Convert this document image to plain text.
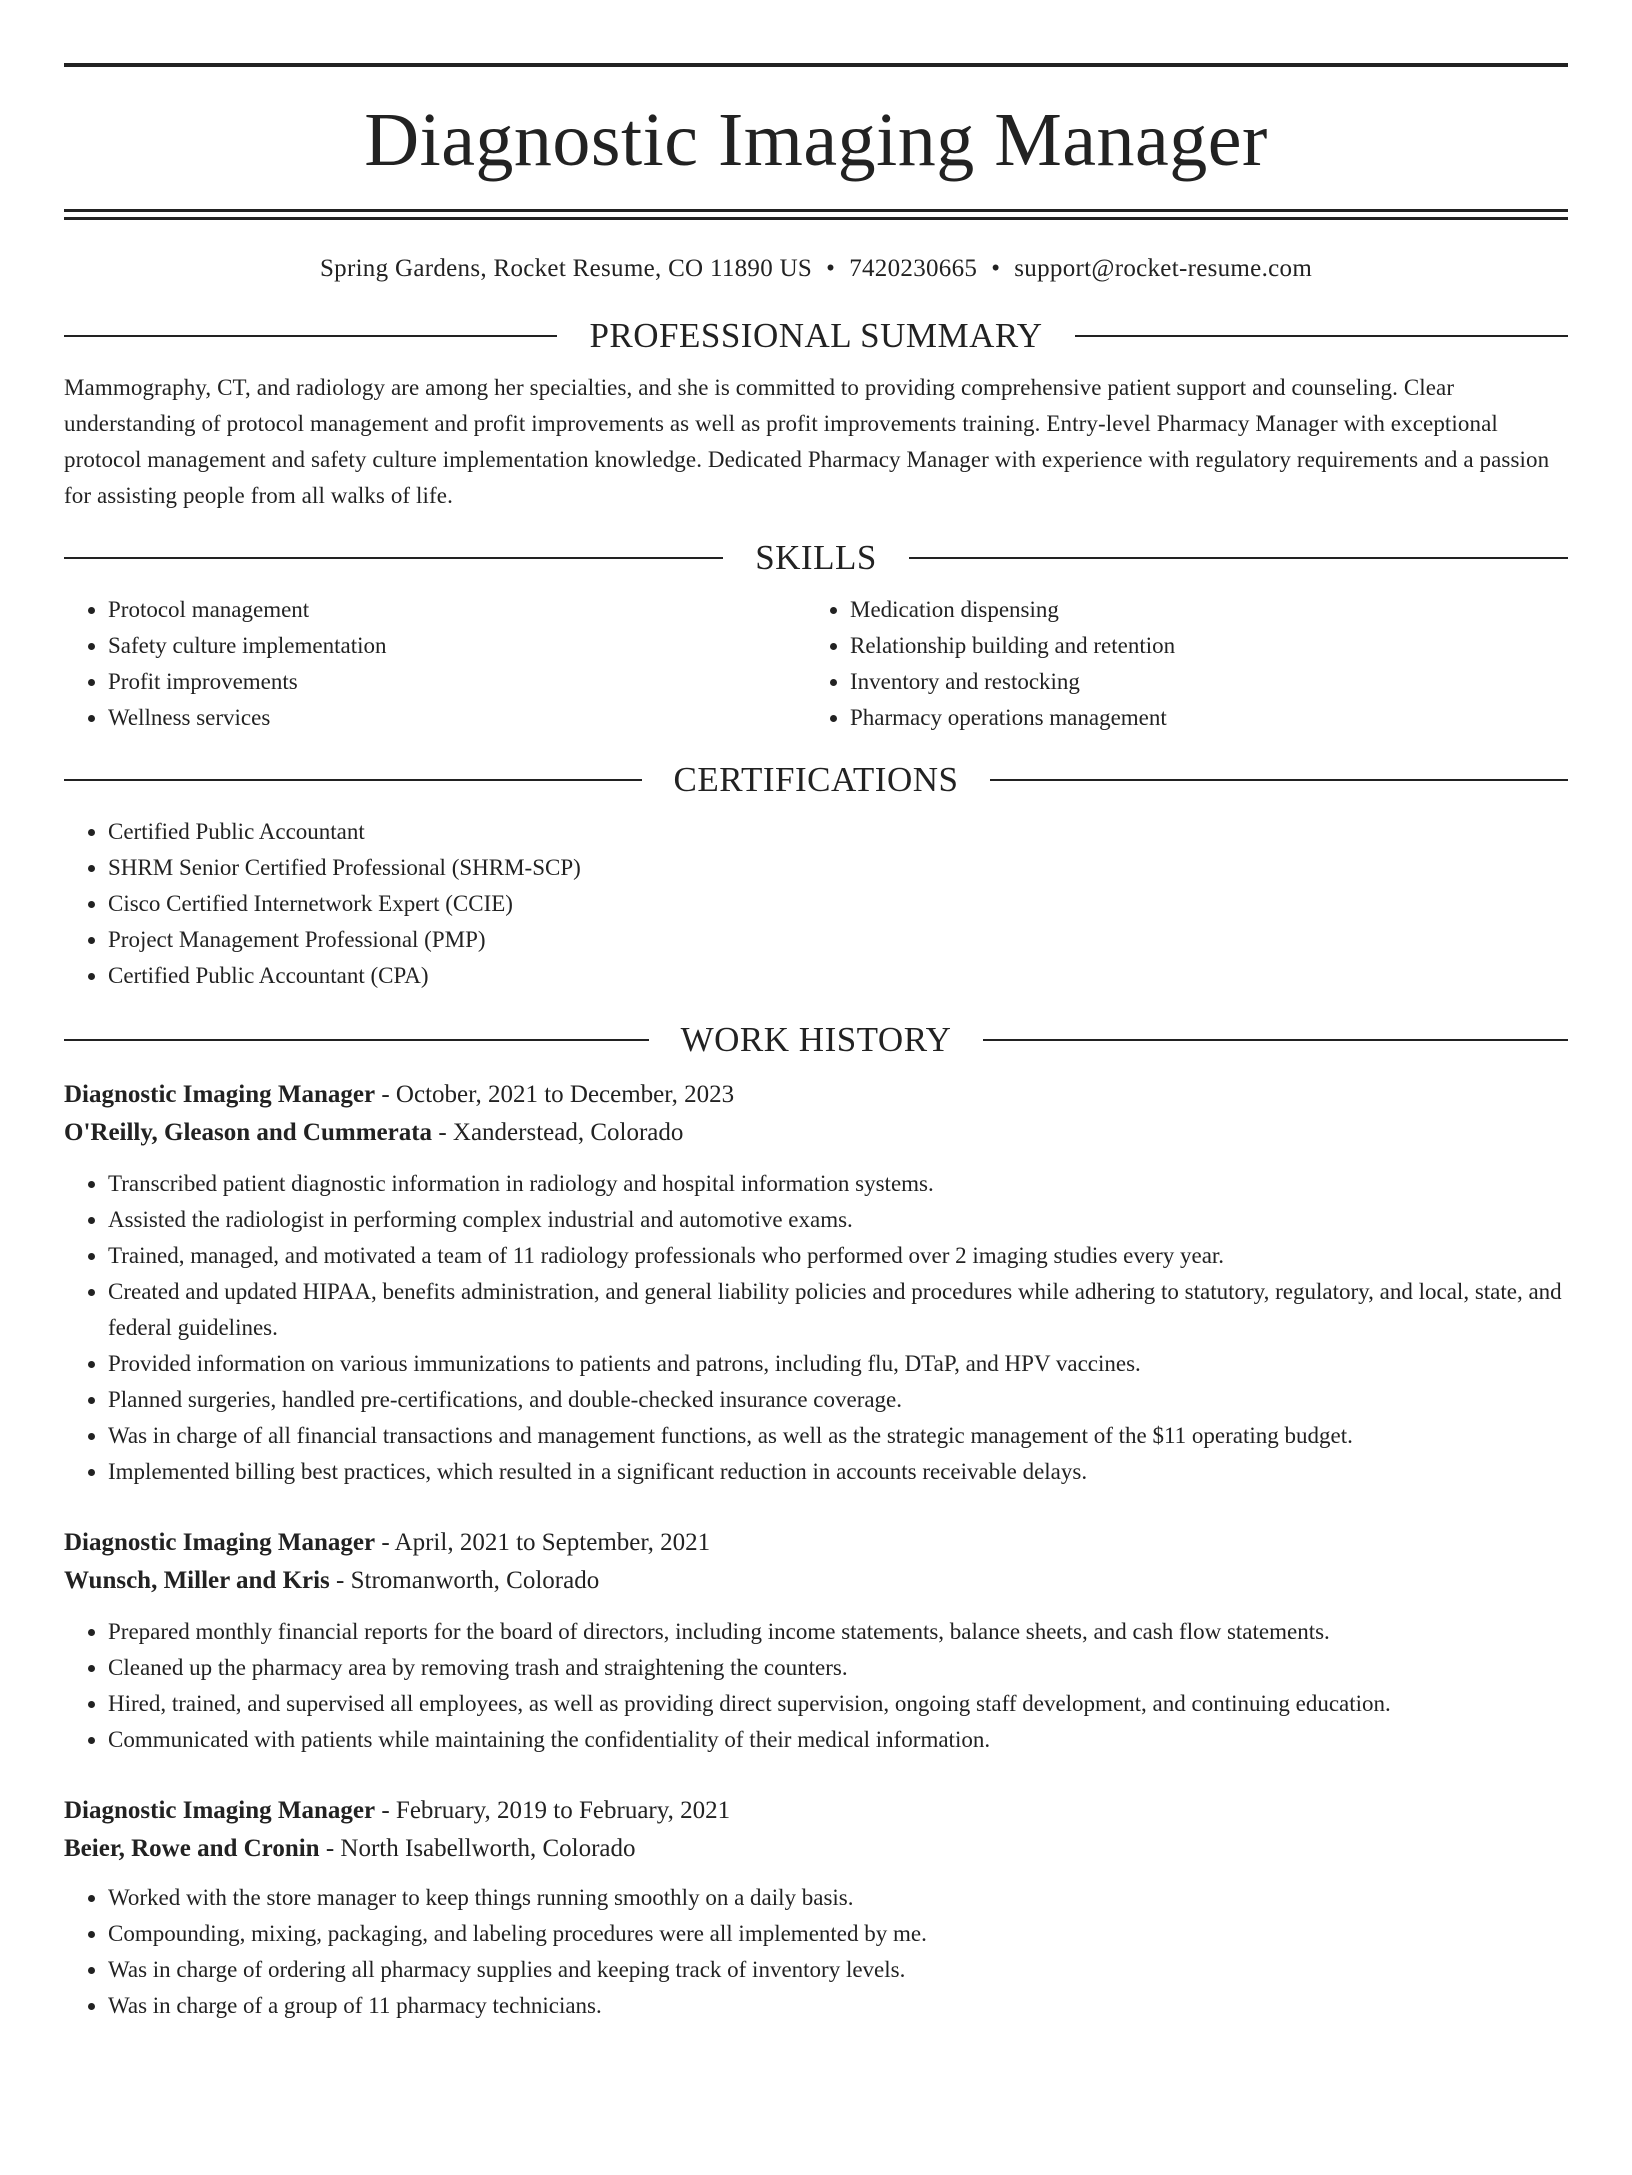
Diagnostic Imaging Manager
Spring Gardens, Rocket Resume, CO 11890 US • 7420230665 • support@rocket-resume.com
PROFESSIONAL SUMMARY

Mammography, CT, and radiology are among her specialties, and she is committed to providing comprehensive patient support and counseling. Clear understanding of protocol management and profit improvements as well as profit improvements training. Entry-level Pharmacy Manager with exceptional protocol management and safety culture implementation knowledge. Dedicated Pharmacy Manager with experience with regulatory requirements and a passion for assisting people from all walks of life.

SKILLS
• Protocol management
• Safety culture implementation
• Profit improvements
• Wellness services
• Medication dispensing
• Relationship building and retention
• Inventory and restocking
• Pharmacy operations management
CERTIFICATIONS
• Certified Public Accountant
• SHRM Senior Certified Professional (SHRM-SCP)
• Cisco Certified Internetwork Expert (CCIE)
• Project Management Professional (PMP)
• Certified Public Accountant (CPA)
WORK HISTORY

Diagnostic Imaging Manager - October, 2021 to December, 2023

O'Reilly, Gleason and Cummerata - Xanderstead, Colorado

• Transcribed patient diagnostic information in radiology and hospital information systems.
• Assisted the radiologist in performing complex industrial and automotive exams.
• Trained, managed, and motivated a team of 11 radiology professionals who performed over 2 imaging studies every year.
• Created and updated HIPAA, benefits administration, and general liability policies and procedures while adhering to statutory, regulatory, and local, state, and federal guidelines.
• Provided information on various immunizations to patients and patrons, including flu, DTaP, and HPV vaccines.
• Planned surgeries, handled pre-certifications, and double-checked insurance coverage.
• Was in charge of all financial transactions and management functions, as well as the strategic management of the $11 operating budget.
• Implemented billing best practices, which resulted in a significant reduction in accounts receivable delays.

Diagnostic Imaging Manager - April, 2021 to September, 2021

Wunsch, Miller and Kris - Stromanworth, Colorado

• Prepared monthly financial reports for the board of directors, including income statements, balance sheets, and cash flow statements.
• Cleaned up the pharmacy area by removing trash and straightening the counters.
• Hired, trained, and supervised all employees, as well as providing direct supervision, ongoing staff development, and continuing education.
• Communicated with patients while maintaining the confidentiality of their medical information.

Diagnostic Imaging Manager - February, 2019 to February, 2021

Beier, Rowe and Cronin - North Isabellworth, Colorado

• Worked with the store manager to keep things running smoothly on a daily basis.
• Compounding, mixing, packaging, and labeling procedures were all implemented by me.
• Was in charge of ordering all pharmacy supplies and keeping track of inventory levels.
• Was in charge of a group of 11 pharmacy technicians.
